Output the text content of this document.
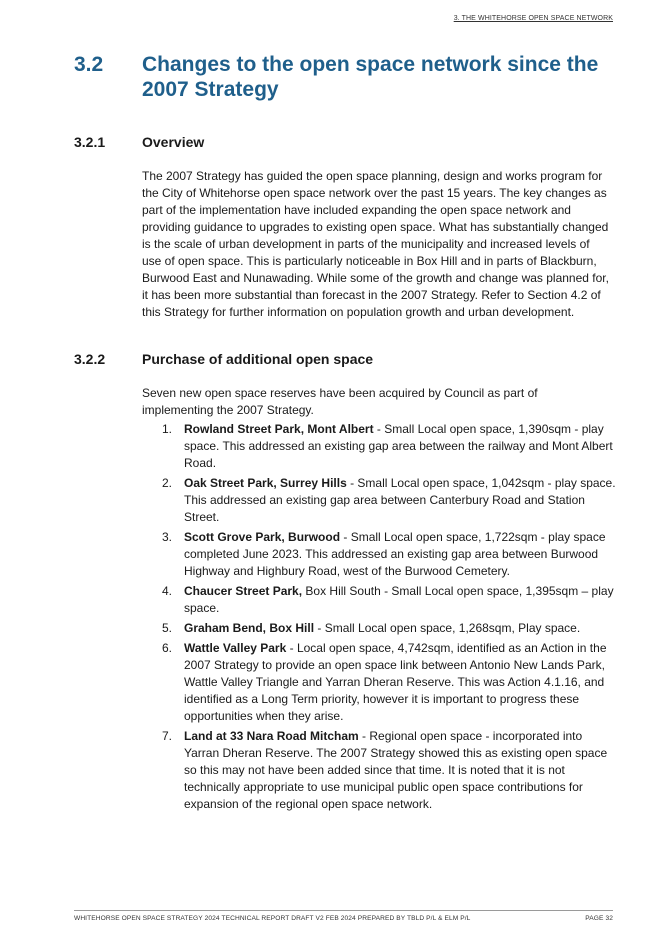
3. THE WHITEHORSE OPEN SPACE NETWORK
3.2 Changes to the open space network since the 2007 Strategy
3.2.1	Overview

The 2007 Strategy has guided the open space planning, design and works program for the City of Whitehorse open space network over the past 15 years. The key changes as part of the implementation have included expanding the open space network and providing guidance to upgrades to existing open space. What has substantially changed is the scale of urban development in parts of the municipality and increased levels of use of open space. This is particularly noticeable in Box Hill and in parts of Blackburn, Burwood East and Nunawading. While some of the growth and change was planned for, it has been more substantial than forecast in the 2007 Strategy. Refer to Section 4.2 of this Strategy for further information on population growth and urban development.

3.2.2	Purchase of additional open space

Seven new open space reserves have been acquired by Council as part of implementing the 2007 Strategy.

1. Rowland Street Park, Mont Albert - Small Local open space, 1,390sqm - play space. This addressed an existing gap area between the railway and Mont Albert Road.
2. Oak Street Park, Surrey Hills - Small Local open space, 1,042sqm - play space. This addressed an existing gap area between Canterbury Road and Station Street.
3. Scott Grove Park, Burwood - Small Local open space, 1,722sqm - play space completed June 2023. This addressed an existing gap area between Burwood Highway and Highbury Road, west of the Burwood Cemetery.
4. Chaucer Street Park, Box Hill South - Small Local open space, 1,395sqm – play space.
5. Graham Bend, Box Hill - Small Local open space, 1,268sqm, Play space.
6. Wattle Valley Park - Local open space, 4,742sqm, identified as an Action in the 2007 Strategy to provide an open space link between Antonio New Lands Park, Wattle Valley Triangle and Yarran Dheran Reserve. This was Action 4.1.16, and identified as a Long Term priority, however it is important to progress these opportunities when they arise.
7. Land at 33 Nara Road Mitcham - Regional open space - incorporated into Yarran Dheran Reserve. The 2007 Strategy showed this as existing open space so this may not have been added since that time. It is noted that it is not technically appropriate to use municipal public open space contributions for expansion of the regional open space network.
WHITEHORSE OPEN SPACE STRATEGY 2024 TECHNICAL REPORT DRAFT V2 FEB 2024 PREPARED BY TBLD P/L & ELM P/L	PAGE 32
